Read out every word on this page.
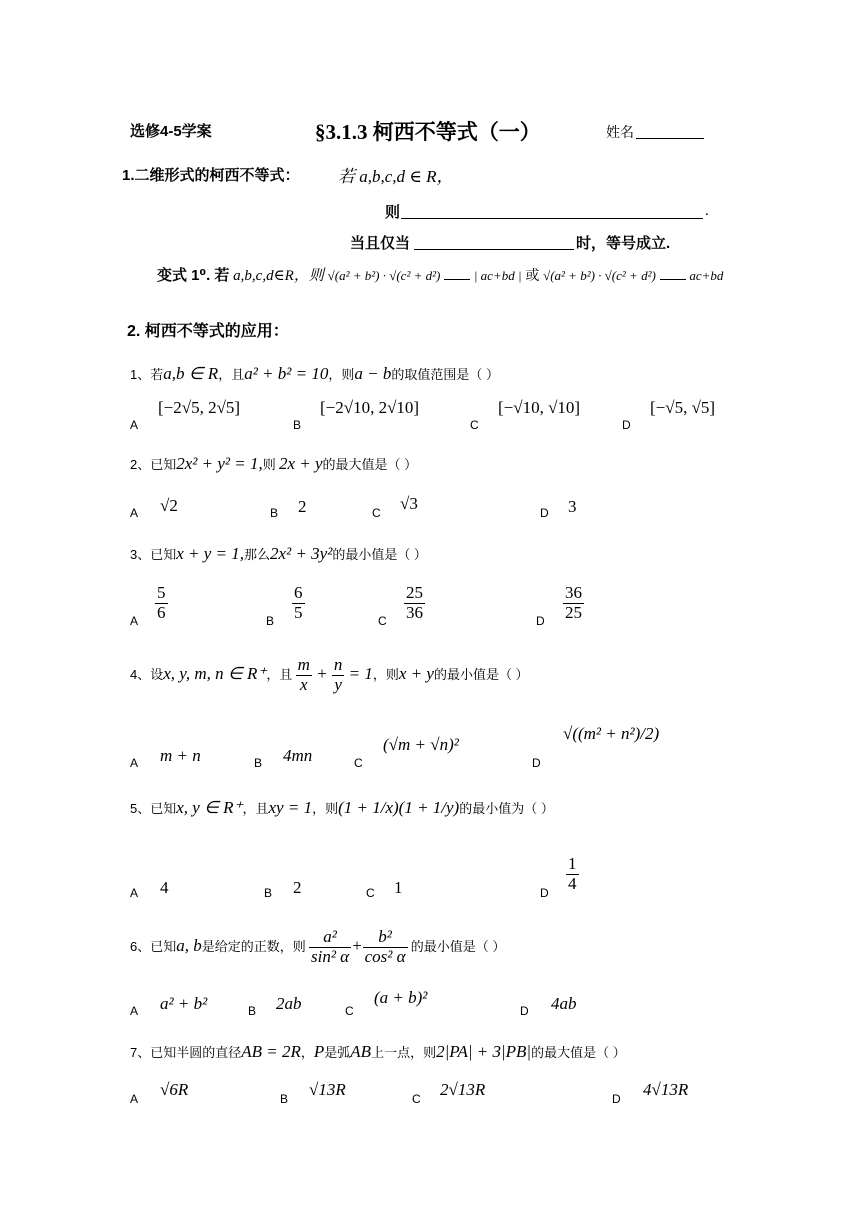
选修4-5学案	§3.1.3 柯西不等式（一）	姓名
1.二维形式的柯西不等式： 若 a,b,c,d ∈ R，
则	.
当且仅当	时，等号成立.
变式 1⁰. 若 a,b,c,d∈R，则 √(a² + b²) · √(c² + d²)	| ac+bd | 或 √(a² + b²) · √(c² + d²)	ac+bd
2. 柯西不等式的应用：
1、若a,b ∈ R，且a² + b² = 10，则a − b的取值范围是（ ）
A
[−2√5, 2√5]
B
[−2√10, 2√10]
C
[−√10, √10]
D
[−√5, √5]
2、已知2x² + y² = 1,则 2x + y的最大值是（ ）
A √2	B 2	C √3	D 3
3、已知x + y = 1,那么2x² + 3y²的最小值是（ ）
A $\frac{5}{6}$	B $\frac{6}{5}$	C $\frac{25}{36}$	D $\frac{36}{25}$
4、设x, y, m, n ∈ R⁺，且 $\frac{m}{x} + \frac{n}{y} = 1$，则x + y的最小值是（ ）
A m + n	B 4mn	C
(√m + √n)²
D
√((m² + n²)/2)
5、已知x, y ∈ R⁺，且xy = 1，则(1 + 1/x)(1 + 1/y)的最小值为（ ）
A 4	B 2	C 1	D $\frac{1}{4}$
6、已知a, b是给定的正数，则 $\frac{\text{a²}}{\text{sin² α}} + \frac{\text{b²}}{\text{cos² α}}$ 的最小值是（ ）
A a² + b²	B 2ab	C
(a + b)²
D 4ab
7、已知半圆的直径AB = 2R，P是弧AB上一点，则2|PA| + 3|PB|的最大值是（ ）
A √6R	B √13R	C 2√13R	D 4√13R
